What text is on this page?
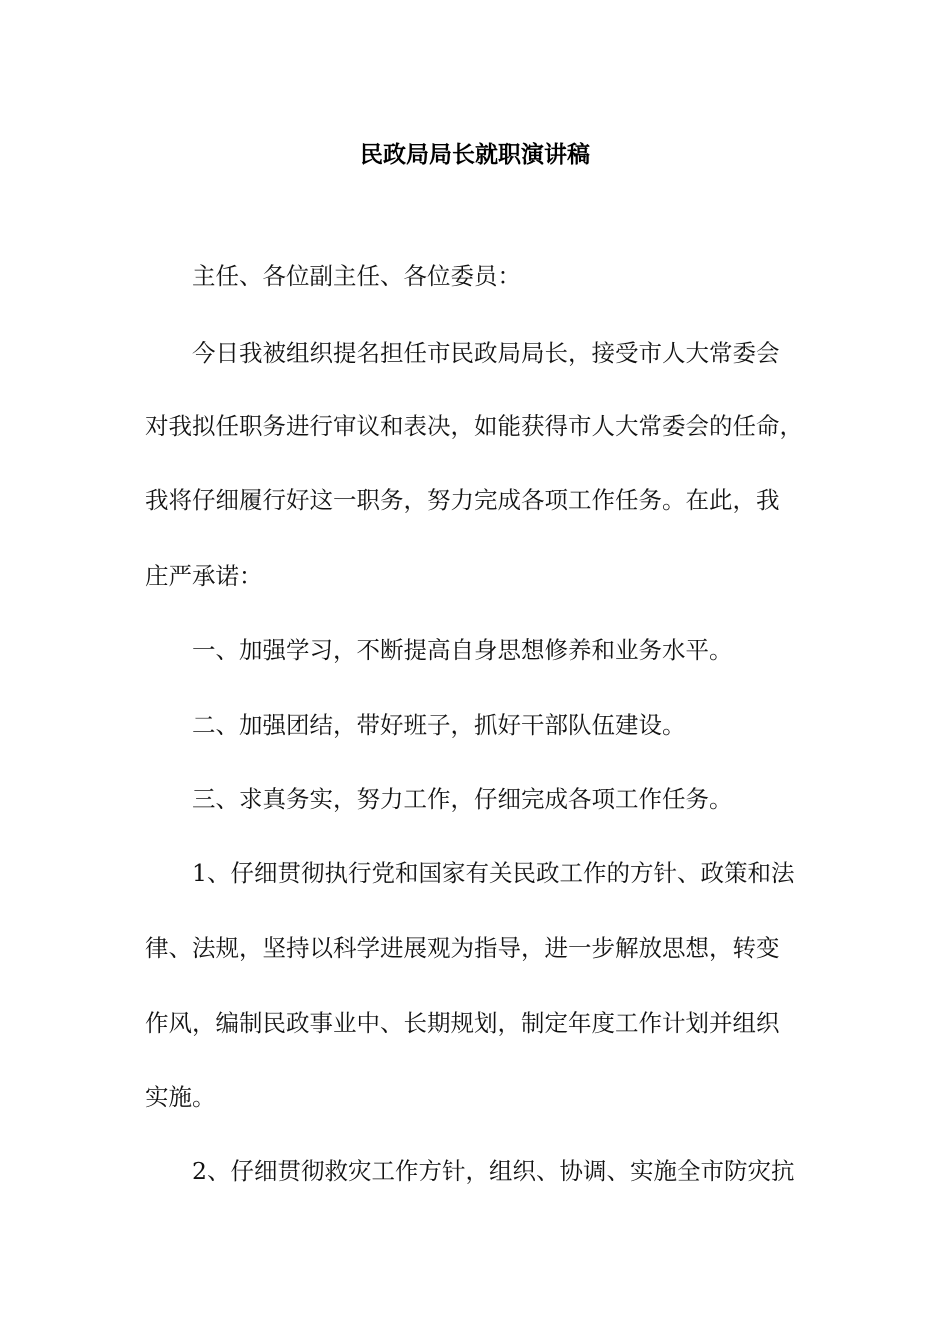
民政局局长就职演讲稿
主任、各位副主任、各位委员：
今日我被组织提名担任市民政局局长，接受市人大常委会
对我拟任职务进行审议和表决，如能获得市人大常委会的任命，
我将仔细履行好这一职务，努力完成各项工作任务。在此，我
庄严承诺：
一、加强学习，不断提高自身思想修养和业务水平。
二、加强团结，带好班子，抓好干部队伍建设。
三、求真务实，努力工作，仔细完成各项工作任务。
1、仔细贯彻执行党和国家有关民政工作的方针、政策和法
律、法规，坚持以科学进展观为指导，进一步解放思想，转变
作风，编制民政事业中、长期规划，制定年度工作计划并组织
实施。
2、仔细贯彻救灾工作方针，组织、协调、实施全市防灾抗
